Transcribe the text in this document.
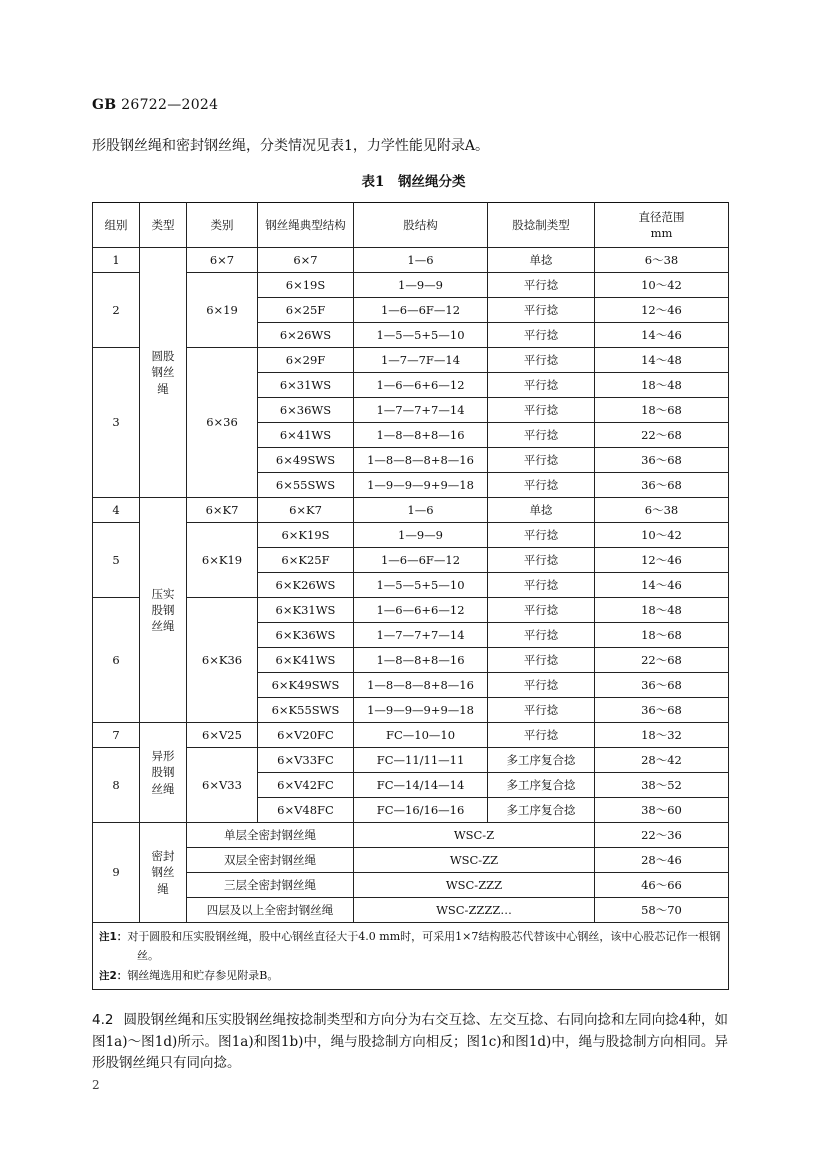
GB 26722—2024
形股钢丝绳和密封钢丝绳，分类情况见表1，力学性能见附录A。
表1　钢丝绳分类
组别	类型	类别	钢丝绳典型结构	股结构	股捻制类型	直径范围
mm
1	圆股钢丝绳	6×7	6×7	1—6	单捻	6～38
2		6×19	6×19S	1—9—9	平行捻	10～42
			6×25F	1—6—6F—12	平行捻	12～46
			6×26WS	1—5—5+5—10	平行捻	14～46
3		6×36	6×29F	1—7—7F—14	平行捻	14～48
			6×31WS	1—6—6+6—12	平行捻	18～48
			6×36WS	1—7—7+7—14	平行捻	18～68
			6×41WS	1—8—8+8—16	平行捻	22～68
			6×49SWS	1—8—8—8+8—16	平行捻	36～68
			6×55SWS	1—9—9—9+9—18	平行捻	36～68
4	压实股钢丝绳	6×K7	6×K7	1—6	单捻	6～38
5		6×K19	6×K19S	1—9—9	平行捻	10～42
			6×K25F	1—6—6F—12	平行捻	12～46
			6×K26WS	1—5—5+5—10	平行捻	14～46
6		6×K36	6×K31WS	1—6—6+6—12	平行捻	18～48
			6×K36WS	1—7—7+7—14	平行捻	18～68
			6×K41WS	1—8—8+8—16	平行捻	22～68
			6×K49SWS	1—8—8—8+8—16	平行捻	36～68
			6×K55SWS	1—9—9—9+9—18	平行捻	36～68
7	异形股钢丝绳	6×V25	6×V20FC	FC—10—10	平行捻	18～32
8		6×V33	6×V33FC	FC—11/11—11	多工序复合捻	28～42
			6×V42FC	FC—14/14—14	多工序复合捻	38～52
			6×V48FC	FC—16/16—16	多工序复合捻	38～60
9	密封钢丝绳	单层全密封钢丝绳		WSC-Z		22～36
		双层全密封钢丝绳		WSC-ZZ		28～46
		三层全密封钢丝绳		WSC-ZZZ		46～66
		四层及以上全密封钢丝绳		WSC-ZZZZ…		58～70

注1：对于圆股和压实股钢丝绳，股中心钢丝直径大于4.0 mm时，可采用1×7结构股芯代替该中心钢丝，该中心股芯记作一根钢丝。
注2：钢丝绳选用和贮存参见附录B。						
4.2 圆股钢丝绳和压实股钢丝绳按捻制类型和方向分为右交互捻、左交互捻、右同向捻和左同向捻4种，如图1a)～图1d)所示。图1a)和图1b)中，绳与股捻制方向相反；图1c)和图1d)中，绳与股捻制方向相同。异形股钢丝绳只有同向捻。
2
